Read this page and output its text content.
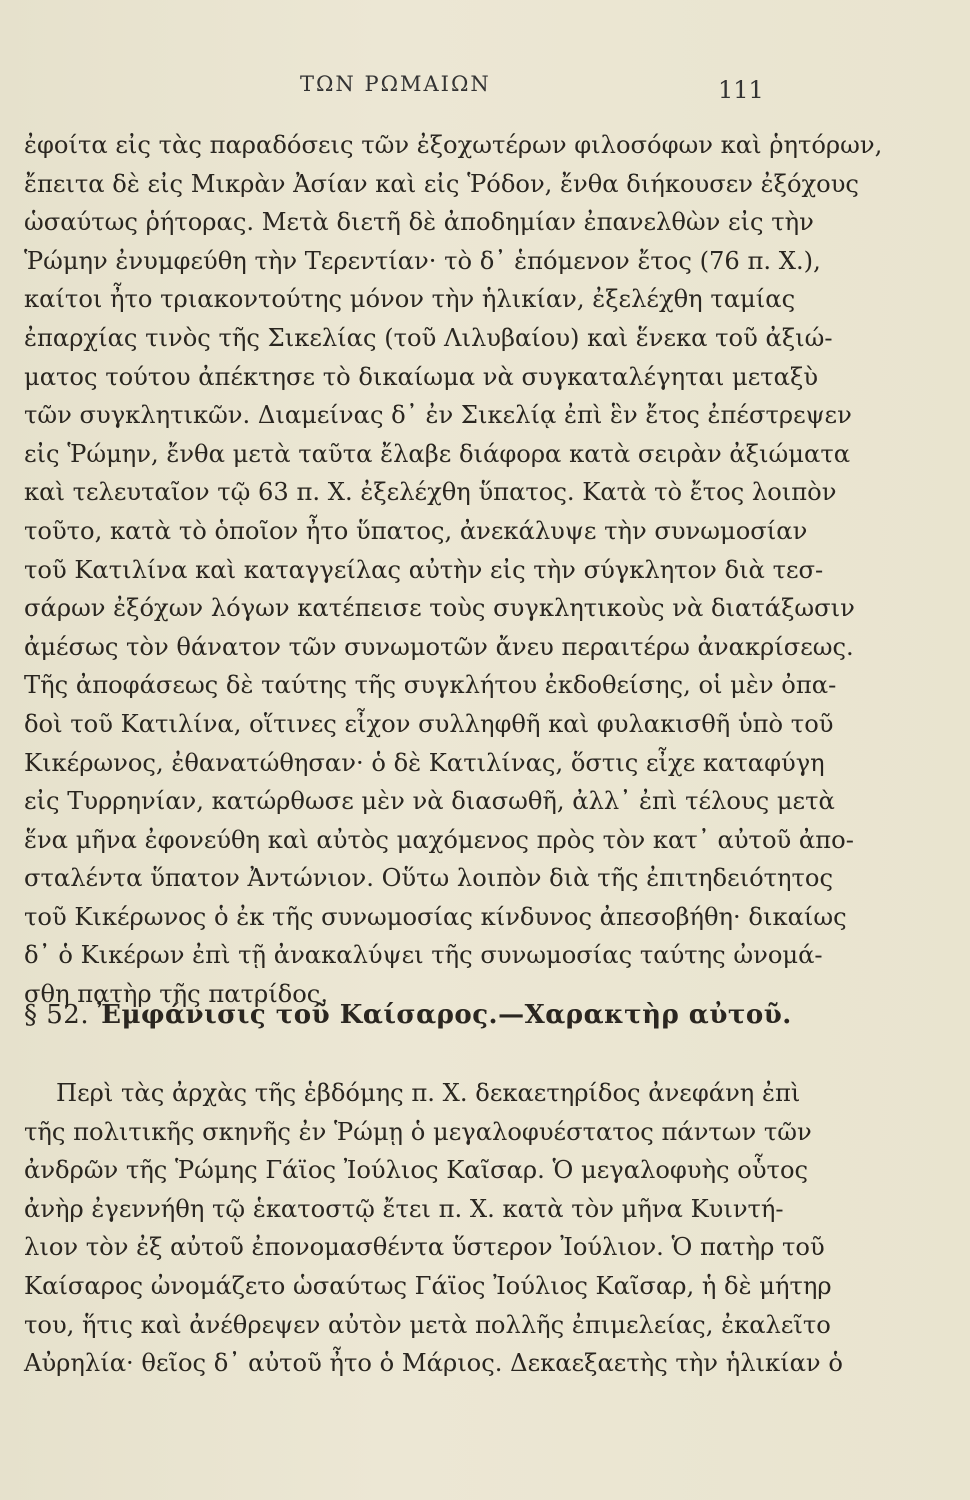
ΤΩΝ ΡΩΜΑΙΩΝ	111
ἐφοίτα εἰς τὰς παραδόσεις τῶν ἐξοχωτέρων φιλοσόφων καὶ ῥητόρων,
ἔπειτα δὲ εἰς Μικρὰν Ἀσίαν καὶ εἰς Ῥόδον, ἔνθα διήκουσεν ἐξόχους
ὡσαύτως ῥήτορας. Μετὰ διετῆ δὲ ἀποδημίαν ἐπανελθὼν εἰς τὴν
Ῥώμην ἐνυμφεύθη τὴν Τερεντίαν· τὸ δ᾽ ἑπόμενον ἔτος (76 π. Χ.),
καίτοι ἦτο τριακοντούτης μόνον τὴν ἡλικίαν, ἐξελέχθη ταμίας
ἐπαρχίας τινὸς τῆς Σικελίας (τοῦ Λιλυβαίου) καὶ ἕνεκα τοῦ ἀξιώ-
ματος τούτου ἀπέκτησε τὸ δικαίωμα νὰ συγκαταλέγηται μεταξὺ
τῶν συγκλητικῶν. Διαμείνας δ᾽ ἐν Σικελίᾳ ἐπὶ ἓν ἔτος ἐπέστρεψεν
εἰς Ῥώμην, ἔνθα μετὰ ταῦτα ἔλαβε διάφορα κατὰ σειρὰν ἀξιώματα
καὶ τελευταῖον τῷ 63 π. Χ. ἐξελέχθη ὕπατος. Κατὰ τὸ ἔτος λοιπὸν
τοῦτο, κατὰ τὸ ὁποῖον ἦτο ὕπατος, ἀνεκάλυψε τὴν συνωμοσίαν
τοῦ Κατιλίνα καὶ καταγγείλας αὐτὴν εἰς τὴν σύγκλητον διὰ τεσ-
σάρων ἐξόχων λόγων κατέπεισε τοὺς συγκλητικοὺς νὰ διατάξωσιν
ἀμέσως τὸν θάνατον τῶν συνωμοτῶν ἄνευ περαιτέρω ἀνακρίσεως.
Τῆς ἀποφάσεως δὲ ταύτης τῆς συγκλήτου ἐκδοθείσης, οἱ μὲν ὀπα-
δοὶ τοῦ Κατιλίνα, οἵτινες εἶχον συλληφθῆ καὶ φυλακισθῆ ὑπὸ τοῦ
Κικέρωνος, ἐθανατώθησαν· ὁ δὲ Κατιλίνας, ὅστις εἶχε καταφύγη
εἰς Τυρρηνίαν, κατώρθωσε μὲν νὰ διασωθῆ, ἀλλ᾽ ἐπὶ τέλους μετὰ
ἕνα μῆνα ἐφονεύθη καὶ αὐτὸς μαχόμενος πρὸς τὸν κατ᾽ αὐτοῦ ἀπο-
σταλέντα ὕπατον Ἀντώνιον. Οὕτω λοιπὸν διὰ τῆς ἐπιτηδειότητος
τοῦ Κικέρωνος ὁ ἐκ τῆς συνωμοσίας κίνδυνος ἀπεσοβήθη· δικαίως
δ᾽ ὁ Κικέρων ἐπὶ τῇ ἀνακαλύψει τῆς συνωμοσίας ταύτης ὠνομά-
σθη πατὴρ τῆς πατρίδος.
§ 52. Ἐμφάνισις τοῦ Καίσαρος.—Χαρακτὴρ αὐτοῦ.
Περὶ τὰς ἀρχὰς τῆς ἑβδόμης π. Χ. δεκαετηρίδος ἀνεφάνη ἐπὶ
τῆς πολιτικῆς σκηνῆς ἐν Ῥώμῃ ὁ μεγαλοφυέστατος πάντων τῶν
ἀνδρῶν τῆς Ῥώμης Γάϊος Ἰούλιος Καῖσαρ. Ὁ μεγαλοφυὴς οὗτος
ἀνὴρ ἐγεννήθη τῷ ἑκατοστῷ ἔτει π. Χ. κατὰ τὸν μῆνα Κυιντή-
λιον τὸν ἐξ αὐτοῦ ἐπονομασθέντα ὕστερον Ἰούλιον. Ὁ πατὴρ τοῦ
Καίσαρος ὠνομάζετο ὡσαύτως Γάϊος Ἰούλιος Καῖσαρ, ἡ δὲ μήτηρ
του, ἥτις καὶ ἀνέθρεψεν αὐτὸν μετὰ πολλῆς ἐπιμελείας, ἐκαλεῖτο
Αὐρηλία· θεῖος δ᾽ αὐτοῦ ἦτο ὁ Μάριος. Δεκαεξαετὴς τὴν ἡλικίαν ὁ
